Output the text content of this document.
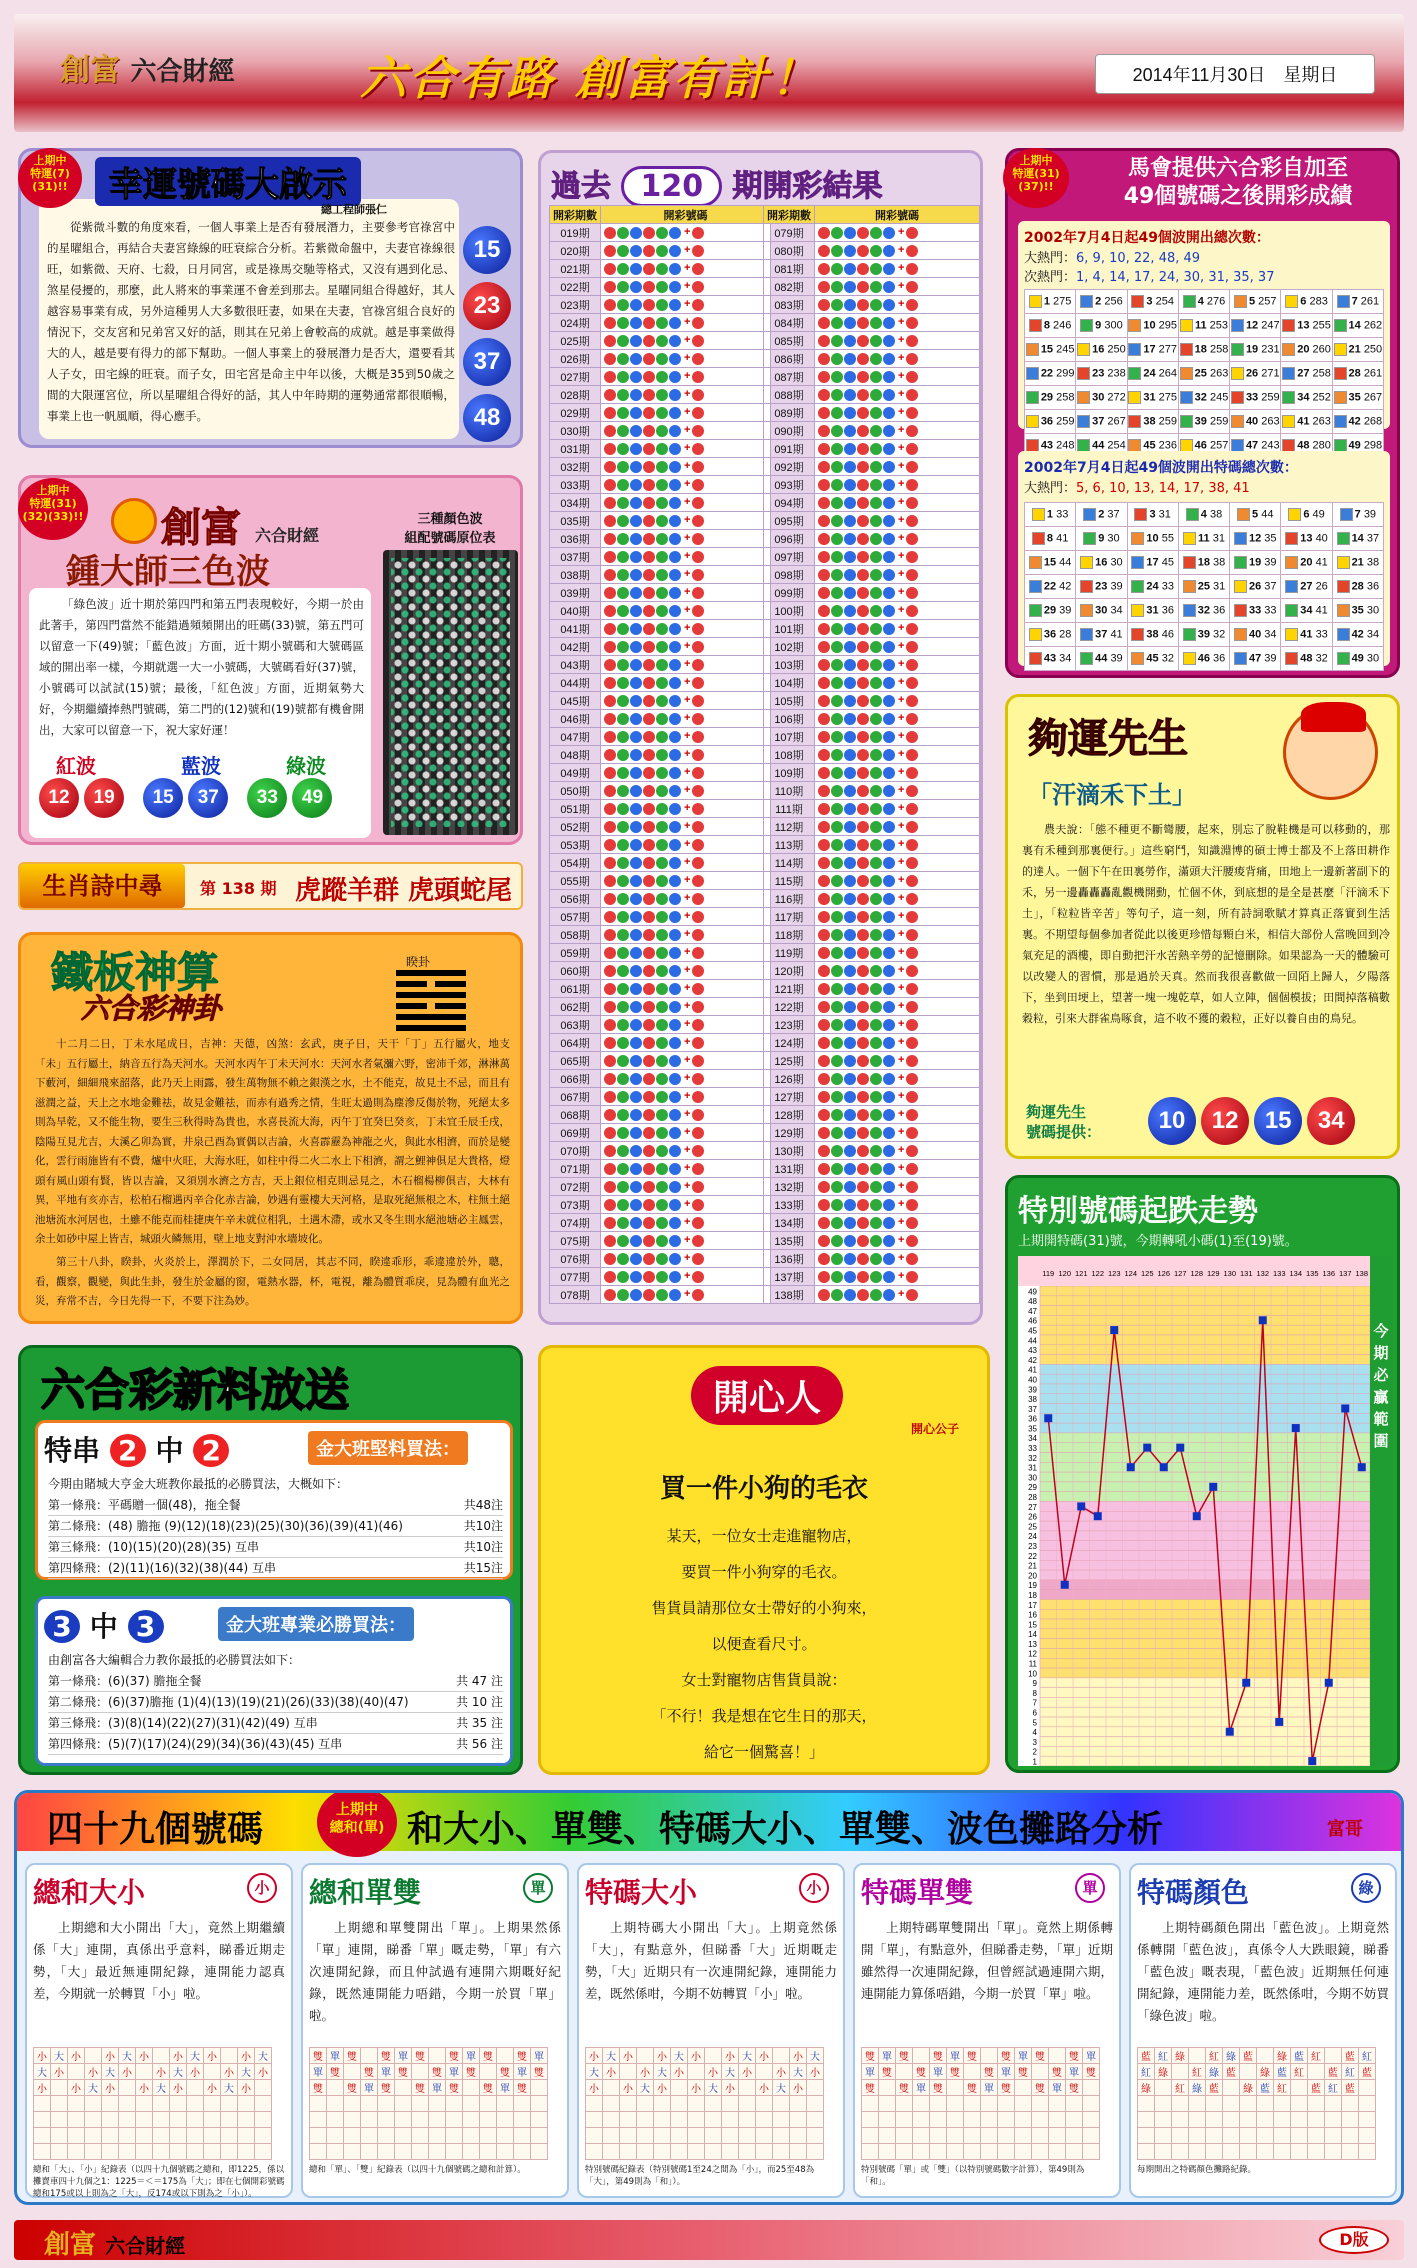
創富 六合財經	六合有路 創富有計！	2014年11月30日　星期日
幸運號碼大啟示
總工程師張仁
從紫微斗數的角度來看，一個人事業上是否有發展潛力，主要參考官祿宮中的星曜組合，再結合夫妻宮綠線的旺衰綜合分析。若紫微命盤中，夫妻官祿線很旺，如紫微、天府、七殺，日月同宮，或是祿馬交馳等格式，又沒有遇到化忌、煞星侵擾的，那麼，此人將來的事業運不會差到那去。星曜同組合得越好，其人越容易事業有成，另外這種男人大多數很旺妻，如果在夫妻，官祿宮組合良好的情況下，交友宮和兄弟宮又好的話，則其在兄弟上會較高的成就。越是事業做得大的人，越是要有得力的部下幫助。一個人事業上的發展潛力是否大，還要看其人子女，田宅線的旺衰。而子女，田宅宮是命主中年以後，大概是35到50歲之間的大限運宮位，所以星曜組合得好的話，其人中年時期的運勢通常都很順暢，事業上也一帆風順，得心應手。
15 23 37 48
上期中
特運(7)
(31)!!
創富 六合財經
鍾大師三色波
「綠色波」近十期於第四門和第五門表現較好，今期一於由此著手，第四門當然不能錯過頻頻開出的旺碼(33)號，第五門可以留意一下(49)號；「藍色波」方面，近十期小號碼和大號碼區域的開出率一樣，今期就選一大一小號碼，大號碼看好(37)號，小號碼可以試試(15)號；最後，「紅色波」方面，近期氣勢大好，今期繼續捧熱門號碼，第二門的(12)號和(19)號都有機會開出，大家可以留意一下，祝大家好運！
三種顏色波
組配號碼原位表
紅波	藍波	綠波
12 19 15 37 33 49
上期中
特運(31)
(32)(33)!!
生肖詩中尋	第 138 期 虎蹤羊群 虎頭蛇尾
鐵板神算
六合彩神卦
睽卦
十二月二日，丁未水尾成日，吉神：天德，凶煞：玄武，庚子日，天干「丁」五行屬火，地支「未」五行屬土，納音五行為天河水。天河水丙午丁未天河水：天河水者氣瀰六野，密沛千郊，淋淋萬下藪河，細細飛來韶落，此乃天上雨露，發生萬物無不賴之銀漢之水，土不能克，故見土不忌，而且有滋潤之益，天上之水地金難祛，故見金難祛，而赤有過秀之情，生旺太過則為塵滲反傷於物，死絕太多則為旱乾，又不能生物，要生三秋得時為貴也，水喜長流大海，丙午丁宜癸巳癸亥，丁未宜壬辰壬戌，陰陽互見尤吉，大溪乙卯為實，井泉己酉為實偶以吉論，火喜霹靂為神龍之火，與此水相濟，而於是變化，雲行雨施皆有不費，爐中火旺，大海水旺，如柱中得二火二水上下相濟，謂之鯉神俱足大貴格，燈頭有風山頭有賢，皆以吉論，又須別水濟之方吉，天上銀位相克則忌見之，木石榴楊柳俱吉，大林有異，平地有亥亦吉，松柏石榴遇丙辛合化赤吉論，妙遇有靈樓大天河格，是取死絕無根之木，柱無土絕池塘流水河居也，土雖不能克而桂捷庚午辛未就位相乳，土遇木滯，或水又冬生則水絕池塘必主鳳雲，余土如砂中屋上皆吉，城頭火鳞無用，壁上地支對沖水墻坡化。
第三十八卦，睽卦，火炎於上，澤潤於下，二女同居，其志不同，睽違乖形，乖違違於外，聰，看，觀察，觀變，與此生卦，發生於金屬的窗，電熱水器，杯，電視，離為體質乖戾，見為體有血光之災，弃常不吉，今日先得一下，不要下注為妙。
過去 120 期開彩結果
開彩期數	開彩號碼
019期	+
020期	+
021期	+
022期	+
023期	+
024期	+
025期	+
026期	+
027期	+
028期	+
029期	+
030期	+
031期	+
032期	+
033期	+
034期	+
035期	+
036期	+
037期	+
038期	+
039期	+
040期	+
041期	+
042期	+
043期	+
044期	+
045期	+
046期	+
047期	+
048期	+
049期	+
050期	+
051期	+
052期	+
053期	+
054期	+
055期	+
056期	+
057期	+
058期	+
059期	+
060期	+
061期	+
062期	+
063期	+
064期	+
065期	+
066期	+
067期	+
068期	+
069期	+
070期	+
071期	+
072期	+
073期	+
074期	+
075期	+
076期	+
077期	+
078期	+
開彩期數	開彩號碼
079期	+
080期	+
081期	+
082期	+
083期	+
084期	+
085期	+
086期	+
087期	+
088期	+
089期	+
090期	+
091期	+
092期	+
093期	+
094期	+
095期	+
096期	+
097期	+
098期	+
099期	+
100期	+
101期	+
102期	+
103期	+
104期	+
105期	+
106期	+
107期	+
108期	+
109期	+
110期	+
111期	+
112期	+
113期	+
114期	+
115期	+
116期	+
117期	+
118期	+
119期	+
120期	+
121期	+
122期	+
123期	+
124期	+
125期	+
126期	+
127期	+
128期	+
129期	+
130期	+
131期	+
132期	+
133期	+
134期	+
135期	+
136期	+
137期	+
138期	+
馬會提供六合彩自加至
49個號碼之後開彩成績
2002年7月4日起49個波開出總次數：
大熱門：6, 9, 10, 22, 48, 49
次熱門：1, 4, 14, 17, 24, 30, 31, 35, 37
1 275	2 256	3 254	4 276	5 257	6 283	7 261
8 246	9 300	10 295	11 253	12 247	13 255	14 262
15 245	16 250	17 277	18 258	19 231	20 260	21 250
22 299	23 238	24 264	25 263	26 271	27 258	28 261
29 258	30 272	31 275	32 245	33 259	34 252	35 267
36 259	37 267	38 259	39 259	40 263	41 263	42 268
43 248	44 254	45 236	46 257	47 243	48 280	49 298
2002年7月4日起49個波開出特碼總次數：
大熱門：5, 6, 10, 13, 14, 17, 38, 41
1 33	2 37	3 31	4 38	5 44	6 49	7 39
8 41	9 30	10 55	11 31	12 35	13 40	14 37
15 44	16 30	17 45	18 38	19 39	20 41	21 38
22 42	23 39	24 33	25 31	26 37	27 26	28 36
29 39	30 34	31 36	32 36	33 33	34 41	35 30
36 28	37 41	38 46	39 32	40 34	41 33	42 34
43 34	44 39	45 32	46 36	47 39	48 32	49 30
上期中
特運(31)
(37)!!
夠運先生
「汗滴禾下土」
農夫說：「態不種更不斷彎腰，起來，別忘了脫鞋機是可以移動的，那裏有禾種到那裏便行。」這些窮鬥，知識淵博的碩士博士都及不上落田耕作的達人。一個下午在田裏勞作，滿頭大汗腰痠背痛，田地上一邊新著副下的禾，另一邊轟轟轟亂觀機開動，忙個不休，到底想的是全是甚麼「汗滴禾下土」，「粒粒皆辛苦」等句子，這一刻，所有詩詞歌賦才算真正落實到生活裏。不期望每個參加者從此以後更珍惜每顆白米，相信大部份人當晚回到冷氣充足的酒樓，即自動把汗水苦熱辛勞的記憶刪除。如果認為一天的體驗可以改變人的習慣，那是過於天真。然而我很喜歡做一回陌上歸人，夕陽落下，坐到田埂上，望著一塊一塊乾草，如人立陣，個個模拔；田間掉落稿數穀粒，引來大群雀鳥啄食，這不收不獲的穀粒，正好以養自由的鳥兒。
夠運先生
號碼提供：	10 12 15 34
特別號碼起跌走勢
上期開特碼(31)號，今期轉吼小碼(1)至(19)號。
49
48
47
46
45
44
43
42
41
40
39
38
37
36
35
34
33
32
31
30
29
28
27
26
25
24
23
22
21
20
19
18
17
16
15
14
13
12
11
10
9
8
7
6
5
4
3
2
1
119 120 121 122 123 124 125 126 127 128 129 130 131 132 133 134 135 136 137 138
今
期
必
贏
範
圍
六合彩新料放送
特串 2 中 2	金大班堅料買法：
今期由賭城大亨金大班教你最抵的必勝買法，大概如下：
第一條飛：平碼贈一個(48)，拖全餐	共48注
第二條飛：(48) 膽拖 (9)(12)(18)(23)(25)(30)(36)(39)(41)(46)	共10注
第三條飛：(10)(15)(20)(28)(35) 互串	共10注
第四條飛：(2)(11)(16)(32)(38)(44) 互串	共15注
3 中 3	金大班專業必勝買法：
由創富各大編輯合力教你最抵的必勝買法如下：
第一條飛：(6)(37) 膽拖全餐	共 47 注
第二條飛：(6)(37)膽拖 (1)(4)(13)(19)(21)(26)(33)(38)(40)(47)	共 10 注
第三條飛：(3)(8)(14)(22)(27)(31)(42)(49) 互串	共 35 注
第四條飛：(5)(7)(17)(24)(29)(34)(36)(43)(45) 互串	共 56 注
開心人
開心公子
買一件小狗的毛衣
某天，一位女士走進寵物店，
要買一件小狗穿的毛衣。
售貨員請那位女士帶好的小狗來，
以便查看尺寸。
女士對寵物店售貨員說：
「不行！我是想在它生日的那天，
給它一個驚喜！」
四十九個號碼	上期中
總和(單) 和大小、單雙、特碼大小、單雙、波色攤路分析	富哥
總和大小	小
上期總和大小開出「大」，竟然上期繼續係「大」連開，真係出乎意料，睇番近期走勢，「大」最近無連開紀錄，連開能力認真差，今期就一於轉買「小」啦。
小	大	小		小	大	小		小	大	小		小	大
大	小		小	大	小		小	大	小		小	大	小
小		小	大	小		小	大	小		小	大	小	

總和「大」、「小」紀錄表（以四十九個號碼之總和，即1225，係以攤賣車四十九個之1：1225＝＜＝175為「大」；即在七個開彩號碼總和175或以上則為之「大」，反174或以下則為之「小」）。
總和單雙	單
上期總和單雙開出「單」。上期果然係「單」連開，睇番「單」嘅走勢，「單」有六次連開紀錄，而且仲試過有連開六期嘅好紀錄，既然連開能力唔錯，今期一於買「單」啦。
雙	單	雙		雙	單	雙		雙	單	雙		雙	單
單	雙		雙	單	雙		雙	單	雙		雙	單	雙
雙		雙	單	雙		雙	單	雙		雙	單	雙	

總和「單」、「雙」紀錄表（以四十九個號碼之總和計算）。
特碼大小	小
上期特碼大小開出「大」。上期竟然係「大」，有點意外，但睇番「大」近期嘅走勢，「大」近期只有一次連開紀錄，連開能力差，既然係咁，今期不妨轉買「小」啦。
小	大	小		小	大	小		小	大	小		小	大
大	小		小	大	小		小	大	小		小	大	小
小		小	大	小		小	大	小		小	大	小	

特別號碼紀錄表（特別號碼1至24之間為「小」，而25至48為「大」，第49則為「和」）。
特碼單雙	單
上期特碼單雙開出「單」。竟然上期係轉開「單」，有點意外，但睇番走勢，「單」近期雖然得一次連開紀錄，但曾經試過連開六期，連開能力算係唔錯，今期一於買「單」啦。
雙	單	雙		雙	單	雙		雙	單	雙		雙	單
單	雙		雙	單	雙		雙	單	雙		雙	單	雙
雙		雙	單	雙		雙	單	雙		雙	單	雙	

特別號碼「單」或「雙」（以特別號碼數字計算），第49則為「和」。
特碼顏色	綠
上期特碼顏色開出「藍色波」。上期竟然係轉開「藍色波」，真係令人大跌眼鏡，睇番「藍色波」嘅表現，「藍色波」近期無任何連開紀錄，連開能力差，既然係咁，今期不妨買「綠色波」啦。
藍	紅	綠		紅	綠	藍		綠	藍	紅		藍	紅
紅	綠		紅	綠	藍		綠	藍	紅		藍	紅	藍
綠		紅	綠	藍		綠	藍	紅		藍	紅	藍	

每期開出之特碼顏色攤路紀錄。
創富 六合財經	D版
